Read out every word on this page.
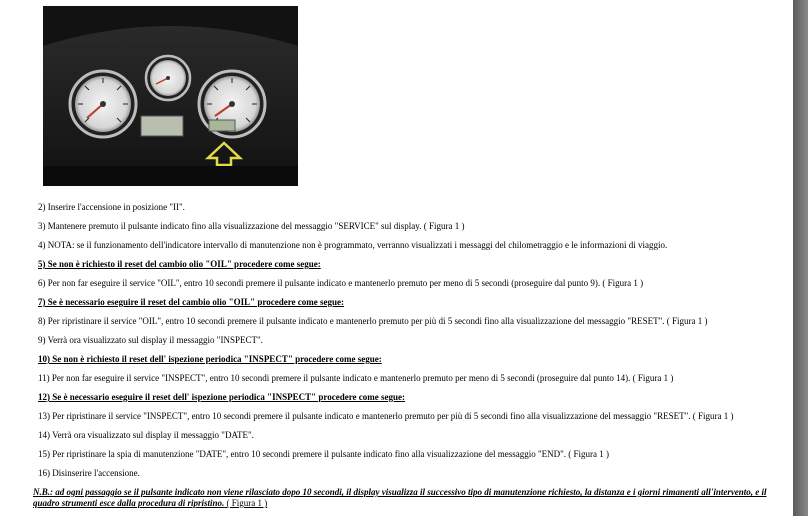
2) Inserire l'accensione in posizione "II".
3) Mantenere premuto il pulsante indicato fino alla visualizzazione del messaggio "SERVICE" sul display. ( Figura 1 )
4) NOTA: se il funzionamento dell'indicatore intervallo di manutenzione non è programmato, verranno visualizzati i messaggi del chilometraggio e le informazioni di viaggio.
5) Se non è richiesto il reset del cambio olio "OIL" procedere come segue:
6) Per non far eseguire il service "OIL", entro 10 secondi premere il pulsante indicato e mantenerlo premuto per meno di 5 secondi (proseguire dal punto 9). ( Figura 1 )
7) Se è necessario eseguire il reset del cambio olio "OIL" procedere come segue:
8) Per ripristinare il service "OIL", entro 10 secondi premere il pulsante indicato e mantenerlo premuto per più di 5 secondi fino alla visualizzazione del messaggio "RESET". ( Figura 1 )
9) Verrà ora visualizzato sul display il messaggio "INSPECT".
10) Se non è richiesto il reset dell' ispezione periodica "INSPECT" procedere come segue:
11) Per non far eseguire il service "INSPECT", entro 10 secondi premere il pulsante indicato e mantenerlo premuto per meno di 5 secondi (proseguire dal punto 14). ( Figura 1 )
12) Se è necessario eseguire il reset dell' ispezione periodica "INSPECT" procedere come segue:
13) Per ripristinare il service "INSPECT", entro 10 secondi premere il pulsante indicato e mantenerlo premuto per più di 5 secondi fino alla visualizzazione del messaggio "RESET". ( Figura 1 )
14) Verrà ora visualizzato sul display il messaggio "DATE".
15) Per ripristinare la spia di manutenzione "DATE", entro 10 secondi premere il pulsante indicato fino alla visualizzazione del messaggio "END". ( Figura 1 )
16) Disinserire l'accensione.
N.B.: ad ogni passaggio se il pulsante indicato non viene rilasciato dopo 10 secondi, il display visualizza il successivo tipo di manutenzione richiesto, la distanza e i giorni rimanenti all'intervento, e il quadro strumenti esce dalla procedura di ripristino. ( Figura 1 )
